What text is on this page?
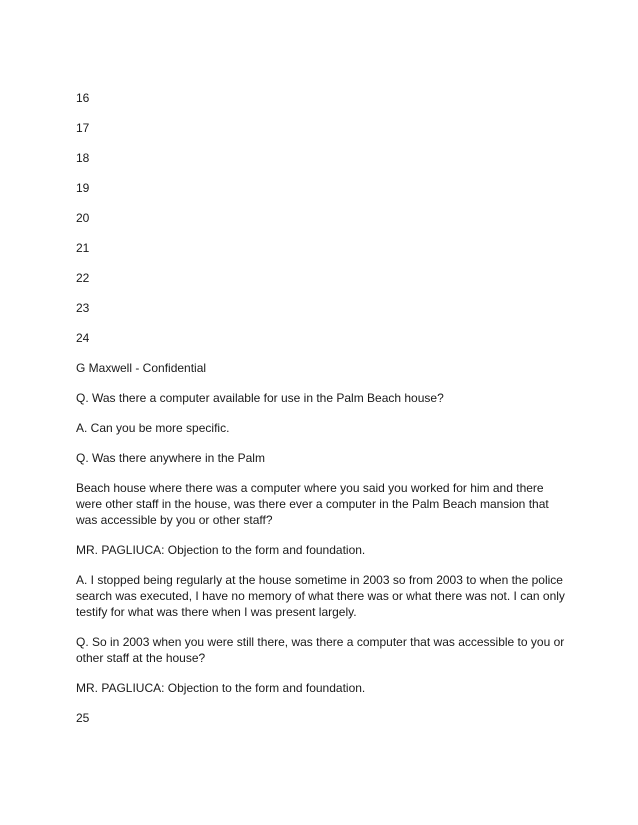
16
17
18
19
20
21
22
23
24

G Maxwell - Confidential

Q. Was there a computer available for use in the Palm Beach house?

A. Can you be more specific.

Q. Was there anywhere in the Palm

Beach house where there was a computer where you said you worked for him and there were other staff in the house, was there ever a computer in the Palm Beach mansion that was accessible by you or other staff?

MR. PAGLIUCA: Objection to the form and foundation.

A. I stopped being regularly at the house sometime in 2003 so from 2003 to when the police search was executed, I have no memory of what there was or what there was not. I can only testify for what was there when I was present largely.

Q. So in 2003 when you were still there, was there a computer that was accessible to you or other staff at the house?

MR. PAGLIUCA: Objection to the form and foundation.

25
